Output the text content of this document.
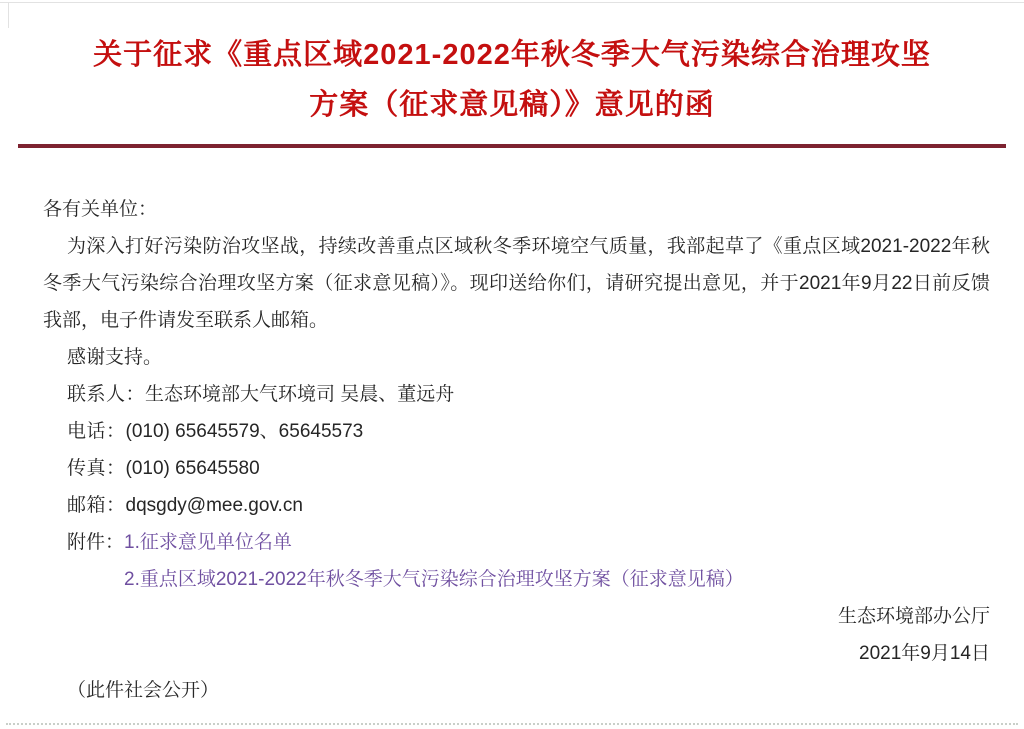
关于征求《重点区域2021-2022年秋冬季大气污染综合治理攻坚
方案（征求意见稿）》意见的函

各有关单位：

为深入打好污染防治攻坚战，持续改善重点区域秋冬季环境空气质量，我部起草了《重点区域2021-2022年秋冬季大气污染综合治理攻坚方案（征求意见稿）》。现印送给你们，请研究提出意见，并于2021年9月22日前反馈我部，电子件请发至联系人邮箱。

感谢支持。

联系人：生态环境部大气环境司 吴晨、董远舟

电话：(010) 65645579、65645573

传真：(010) 65645580

邮箱：dqsgdy@mee.gov.cn

附件： 1.征求意见单位名单
2.重点区域2021-2022年秋冬季大气污染综合治理攻坚方案（征求意见稿）

生态环境部办公厅

2021年9月14日

（此件社会公开）
